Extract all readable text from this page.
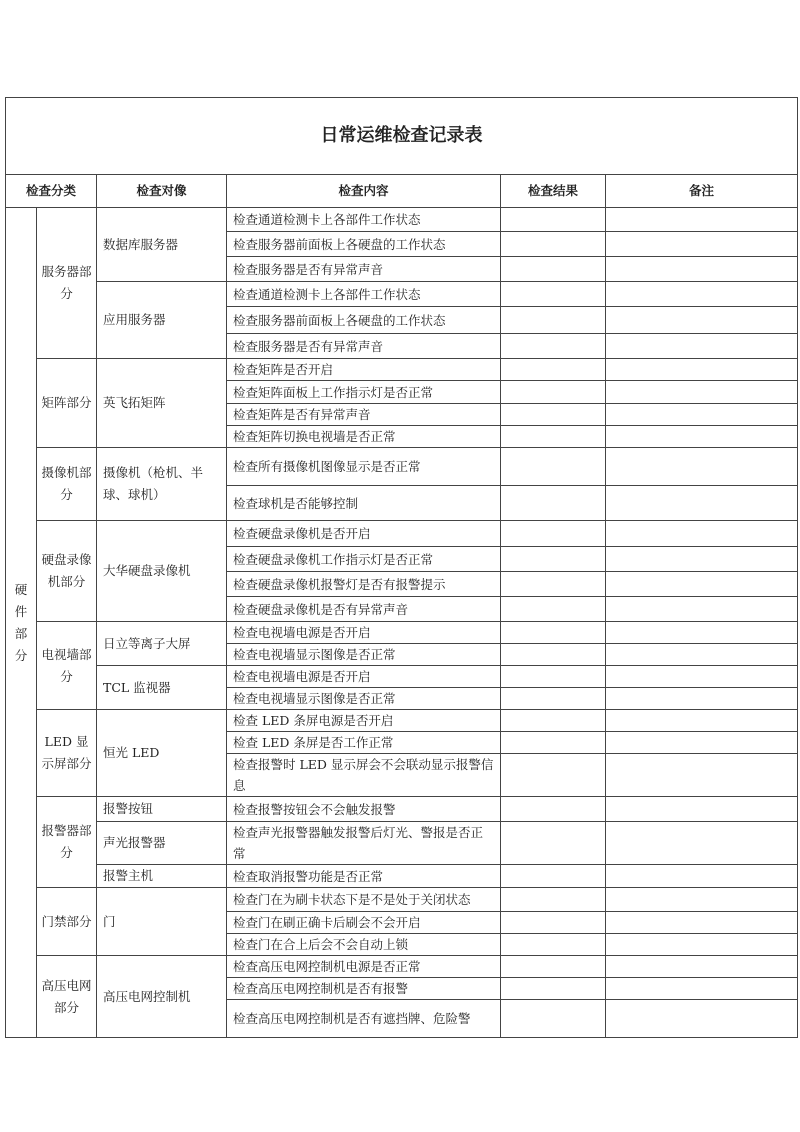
日常运维检查记录表					
检查分类		检查对像	检查内容	检查结果	备注

硬件部分	服务器部分	数据库服务器	检查通道检测卡上各部件工作状态		
			检查服务器前面板上各硬盘的工作状态		
			检查服务器是否有异常声音		
		应用服务器	检查通道检测卡上各部件工作状态		
			检查服务器前面板上各硬盘的工作状态		
			检查服务器是否有异常声音		
	矩阵部分	英飞拓矩阵	检查矩阵是否开启		
			检查矩阵面板上工作指示灯是否正常		
			检查矩阵是否有异常声音		
			检查矩阵切换电视墙是否正常		
	摄像机部分	摄像机（枪机、半球、球机）	检查所有摄像机图像显示是否正常		
			检查球机是否能够控制		
	硬盘录像机部分	大华硬盘录像机	检查硬盘录像机是否开启		
			检查硬盘录像机工作指示灯是否正常		
			检查硬盘录像机报警灯是否有报警提示		
			检查硬盘录像机是否有异常声音		
	电视墙部分	日立等离子大屏	检查电视墙电源是否开启		
			检查电视墙显示图像是否正常		
		TCL 监视器	检查电视墙电源是否开启		
			检查电视墙显示图像是否正常		
	LED 显示屏部分	恒光 LED	检查 LED 条屏电源是否开启		
			检查 LED 条屏是否工作正常		
			检查报警时 LED 显示屏会不会联动显示报警信息		
	报警器部分	报警按钮	检查报警按钮会不会触发报警		
		声光报警器	检查声光报警器触发报警后灯光、警报是否正常		
		报警主机	检查取消报警功能是否正常		
	门禁部分	门	检查门在为刷卡状态下是不是处于关闭状态		
			检查门在刷正确卡后刷会不会开启		
			检查门在合上后会不会自动上锁		
	高压电网部分	高压电网控制机	检查高压电网控制机电源是否正常		
			检查高压电网控制机是否有报警		
			检查高压电网控制机是否有遮挡牌、危险警		
